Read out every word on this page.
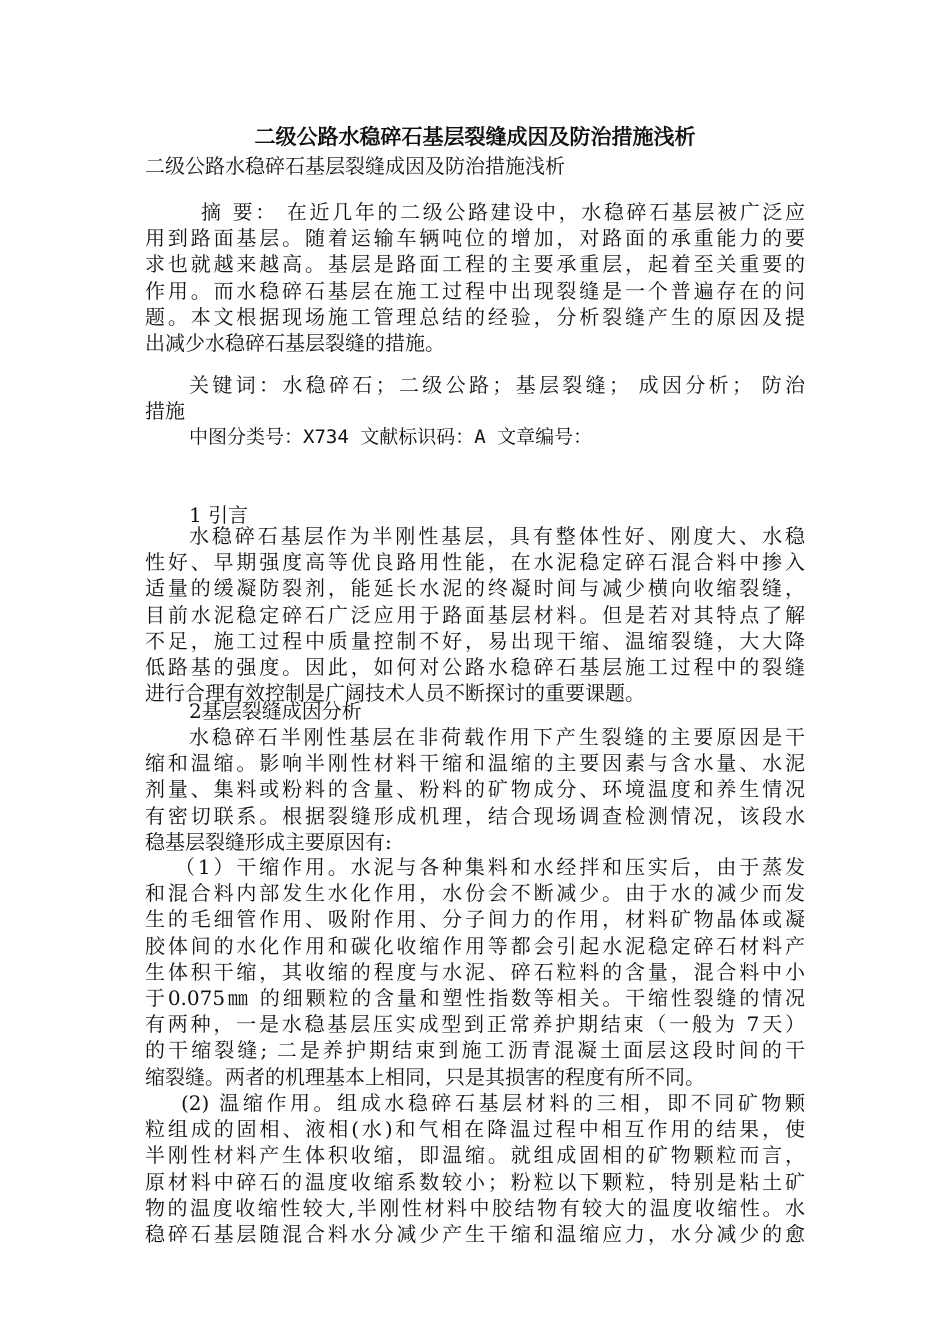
二级公路水稳碎石基层裂缝成因及防治措施浅析
二级公路水稳碎石基层裂缝成因及防治措施浅析
摘 要： 在近几年的二级公路建设中，水稳碎石基层被广泛应
用到路面基层。随着运输车辆吨位的增加，对路面的承重能力的要
求也就越来越高。基层是路面工程的主要承重层，起着至关重要的
作用。而水稳碎石基层在施工过程中出现裂缝是一个普遍存在的问
题。本文根据现场施工管理总结的经验，分析裂缝产生的原因及提
出减少水稳碎石基层裂缝的措施。
关键词：水稳碎石；二级公路；基层裂缝； 成因分析； 防治
措施
中图分类号：X734 文献标识码：A 文章编号：
1 引言
水稳碎石基层作为半刚性基层，具有整体性好、刚度大、水稳
性好、早期强度高等优良路用性能，在水泥稳定碎石混合料中掺入
适量的缓凝防裂剂，能延长水泥的终凝时间与减少横向收缩裂缝，
目前水泥稳定碎石广泛应用于路面基层材料。但是若对其特点了解
不足，施工过程中质量控制不好，易出现干缩、温缩裂缝，大大降
低路基的强度。因此，如何对公路水稳碎石基层施工过程中的裂缝
进行合理有效控制是广阔技术人员不断探讨的重要课题。
2基层裂缝成因分析
水稳碎石半刚性基层在非荷载作用下产生裂缝的主要原因是干
缩和温缩。影响半刚性材料干缩和温缩的主要因素与含水量、水泥
剂量、集料或粉料的含量、粉料的矿物成分、环境温度和养生情况
有密切联系。根据裂缝形成机理，结合现场调查检测情况，该段水
稳基层裂缝形成主要原因有:
（1）干缩作用。水泥与各种集料和水经拌和压实后，由于蒸发
和混合料内部发生水化作用，水份会不断减少。由于水的减少而发
生的毛细管作用、吸附作用、分子间力的作用，材料矿物晶体或凝
胶体间的水化作用和碳化收缩作用等都会引起水泥稳定碎石材料产
生体积干缩，其收缩的程度与水泥、碎石粒料的含量，混合料中小
于0.075㎜ 的细颗粒的含量和塑性指数等相关。干缩性裂缝的情况
有两种，一是水稳基层压实成型到正常养护期结束（一般为 7天）
的干缩裂缝; 二是养护期结束到施工沥青混凝土面层这段时间的干
缩裂缝。两者的机理基本上相同，只是其损害的程度有所不同。
(2) 温缩作用。组成水稳碎石基层材料的三相，即不同矿物颗
粒组成的固相、液相(水)和气相在降温过程中相互作用的结果，使
半刚性材料产生体积收缩，即温缩。就组成固相的矿物颗粒而言，
原材料中碎石的温度收缩系数较小；粉粒以下颗粒，特别是粘土矿
物的温度收缩性较大,半刚性材料中胶结物有较大的温度收缩性。水
稳碎石基层随混合料水分减少产生干缩和温缩应力，水分减少的愈
